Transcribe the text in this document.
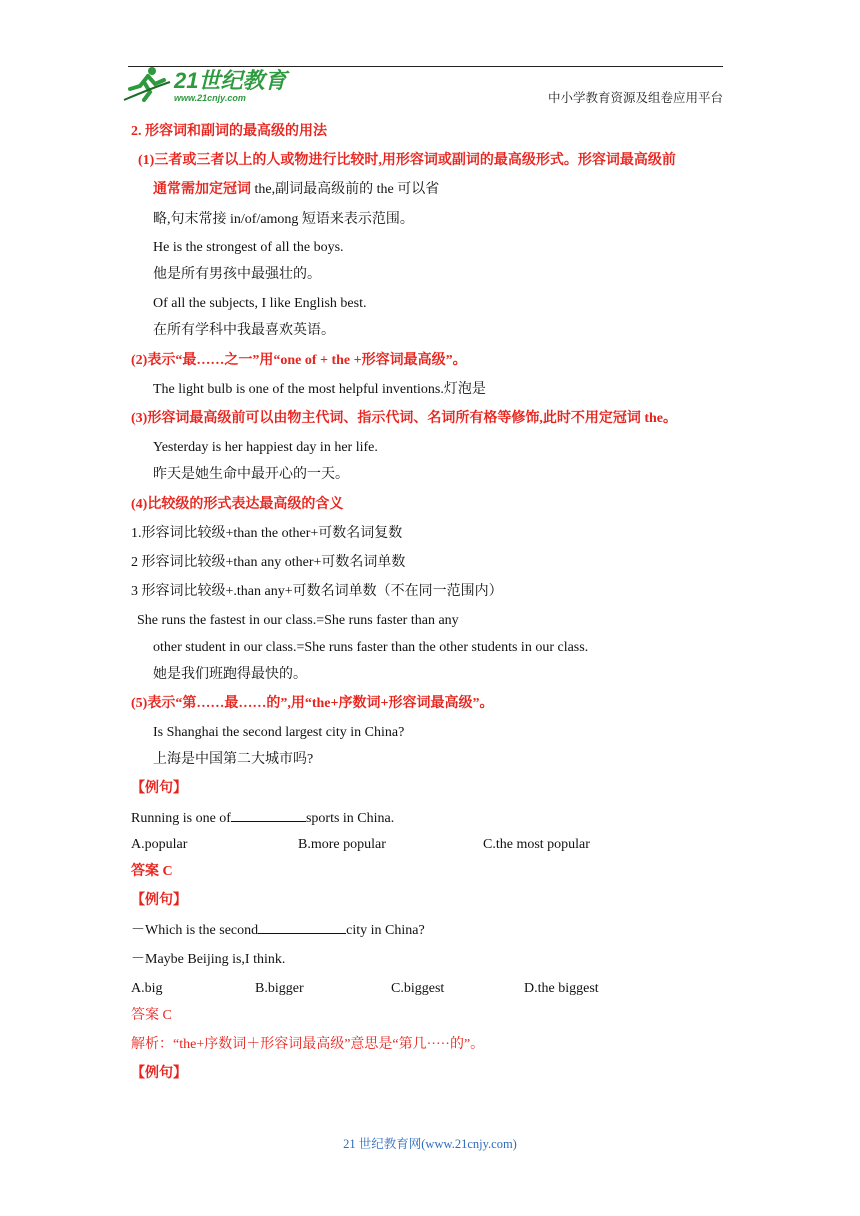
21世纪教育
www.21cnjy.com	中小学教育资源及组卷应用平台
2. 形容词和副词的最高级的用法
(1)三者或三者以上的人或物进行比较时,用形容词或副词的最高级形式。形容词最高级前
通常需加定冠词 the,副词最高级前的 the 可以省
略,句末常接 in/of/among 短语来表示范围。
He is the strongest of all the boys.
他是所有男孩中最强壮的。
Of all the subjects, I like English best.
在所有学科中我最喜欢英语。
(2)表示“最……之一”用“one of + the +形容词最高级”。
The light bulb is one of the most helpful inventions.灯泡是
(3)形容词最高级前可以由物主代词、指示代词、名词所有格等修饰,此时不用定冠词 the。
Yesterday is her happiest day in her life.
昨天是她生命中最开心的一天。
(4)比较级的形式表达最高级的含义
1.形容词比较级+than the other+可数名词复数
2 形容词比较级+than any other+可数名词单数
3 形容词比较级+.than any+可数名词单数（不在同一范围内）
She runs the fastest in our class.=She runs faster than any
other student in our class.=She runs faster than the other students in our class.
她是我们班跑得最快的。
(5)表示“第……最……的”,用“the+序数词+形容词最高级”。
Is Shanghai the second largest city in China?
上海是中国第二大城市吗?
【例句】
Running is one of	sports in China.
A.popular	B.more popular	C.the most popular
答案 C
【例句】
－Which is the second	city in China?
－Maybe Beijing is,I think.
A.big	B.bigger	C.biggest	D.the biggest
答案 C
解析：“the+序数词＋形容词最高级”意思是“第几·····的”。
【例句】
21 世纪教育网(www.21cnjy.com)
